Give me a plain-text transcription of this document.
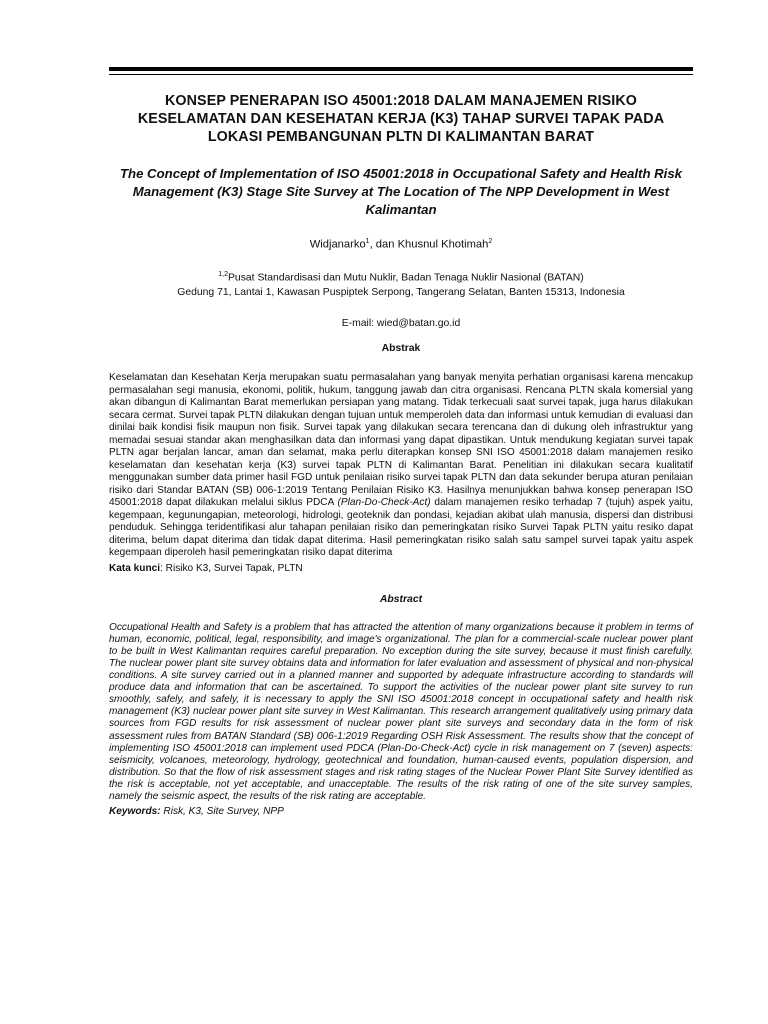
KONSEP PENERAPAN ISO 45001:2018 DALAM MANAJEMEN RISIKO KESELAMATAN DAN KESEHATAN KERJA (K3) TAHAP SURVEI TAPAK PADA LOKASI PEMBANGUNAN PLTN DI KALIMANTAN BARAT

The Concept of Implementation of ISO 45001:2018 in Occupational Safety and Health Risk Management (K3) Stage Site Survey at The Location of The NPP Development in West Kalimantan

Widjanarko$^1$, dan Khusnul Khotimah$^2$

$^{1,2}$Pusat Standardisasi dan Mutu Nuklir, Badan Tenaga Nuklir Nasional (BATAN)
Gedung 71, Lantai 1, Kawasan Puspiptek Serpong, Tangerang Selatan, Banten 15313, Indonesia

E-mail: wied@batan.go.id

Abstrak

Keselamatan dan Kesehatan Kerja merupakan suatu permasalahan yang banyak menyita perhatian organisasi karena mencakup permasalahan segi manusia, ekonomi, politik, hukum, tanggung jawab dan citra organisasi. Rencana PLTN skala komersial yang akan dibangun di Kalimantan Barat memerlukan persiapan yang matang. Tidak terkecuali saat survei tapak, juga harus dilakukan secara cermat. Survei tapak PLTN dilakukan dengan tujuan untuk memperoleh data dan informasi untuk kemudian di evaluasi dan dinilai baik kondisi fisik maupun non fisik. Survei tapak yang dilakukan secara terencana dan di dukung oleh infrastruktur yang memadai sesuai standar akan menghasilkan data dan informasi yang dapat dipastikan. Untuk mendukung kegiatan survei tapak PLTN agar berjalan lancar, aman dan selamat, maka perlu diterapkan konsep SNI ISO 45001:2018 dalam manajemen resiko keselamatan dan kesehatan kerja (K3) survei tapak PLTN di Kalimantan Barat. Penelitian ini dilakukan secara kualitatif menggunakan sumber data primer hasil FGD untuk penilaian risiko survei tapak PLTN dan data sekunder berupa aturan penilaian risiko dari Standar BATAN (SB) 006-1:2019 Tentang Penilaian Risiko K3. Hasilnya menunjukkan bahwa konsep penerapan ISO 45001:2018 dapat dilakukan melalui siklus PDCA (Plan-Do-Check-Act) dalam manajemen resiko terhadap 7 (tujuh) aspek yaitu, kegempaan, kegunungapian, meteorologi, hidrologi, geoteknik dan pondasi, kejadian akibat ulah manusia, dispersi dan distribusi penduduk. Sehingga teridentifikasi alur tahapan penilaian risiko dan pemeringkatan risiko Survei Tapak PLTN yaitu resiko dapat diterima, belum dapat diterima dan tidak dapat diterima. Hasil pemeringkatan risiko salah satu sampel survei tapak yaitu aspek kegempaan diperoleh hasil pemeringkatan risiko dapat diterima

Kata kunci: Risiko K3, Survei Tapak, PLTN

Abstract

Occupational Health and Safety is a problem that has attracted the attention of many organizations because it problem in terms of human, economic, political, legal, responsibility, and image's organizational. The plan for a commercial-scale nuclear power plant to be built in West Kalimantan requires careful preparation. No exception during the site survey, because it must finish carefully. The nuclear power plant site survey obtains data and information for later evaluation and assessment of physical and non-physical conditions. A site survey carried out in a planned manner and supported by adequate infrastructure according to standards will produce data and information that can be ascertained. To support the activities of the nuclear power plant site survey to run smoothly, safely, and safely, it is necessary to apply the SNI ISO 45001:2018 concept in occupational safety and health risk management (K3) nuclear power plant site survey in West Kalimantan. This research arrangement qualitatively using primary data sources from FGD results for risk assessment of nuclear power plant site surveys and secondary data in the form of risk assessment rules from BATAN Standard (SB) 006-1:2019 Regarding OSH Risk Assessment. The results show that the concept of implementing ISO 45001:2018 can implement used PDCA (Plan-Do-Check-Act) cycle in risk management on 7 (seven) aspects: seismicity, volcanoes, meteorology, hydrology, geotechnical and foundation, human-caused events, population dispersion, and distribution. So that the flow of risk assessment stages and risk rating stages of the Nuclear Power Plant Site Survey identified as the risk is acceptable, not yet acceptable, and unacceptable. The results of the risk rating of one of the site survey samples, namely the seismic aspect, the results of the risk rating are acceptable.

Keywords: Risk, K3, Site Survey, NPP
